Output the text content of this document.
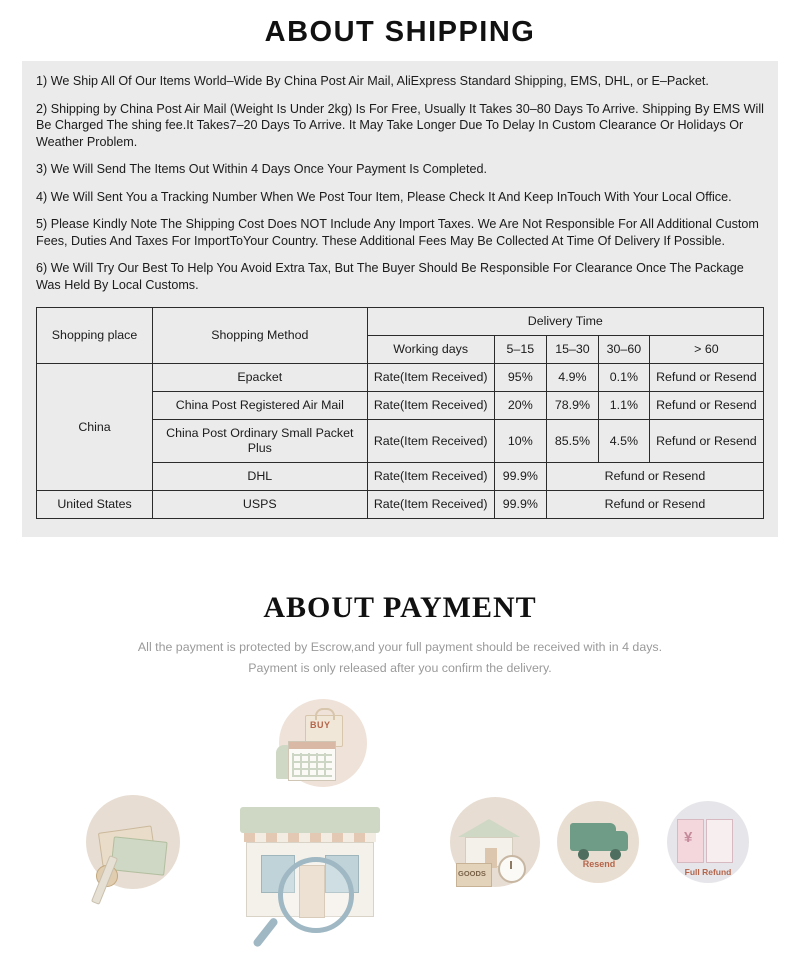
ABOUT SHIPPING

1) We Ship All Of Our Items World–Wide By China Post Air Mail, AliExpress Standard Shipping, EMS, DHL, or E–Packet.

2) Shipping by China Post Air Mail (Weight Is Under 2kg) Is For Free, Usually It Takes 30–80 Days To Arrive. Shipping By EMS Will Be Charged The shing fee.It Takes7–20 Days To Arrive. It May Take Longer Due To Delay In Custom Clearance Or Holidays Or Weather Problem.

3) We Will Send The Items Out Within 4 Days Once Your Payment Is Completed.

4) We Will Sent You a Tracking Number When We Post Tour Item, Please Check It And Keep InTouch With Your Local Office.

5) Please Kindly Note The Shipping Cost Does NOT Include Any Import Taxes. We Are Not Responsible For All Additional Custom Fees, Duties And Taxes For ImportToYour Country. These Additional Fees May Be Collected At Time Of Delivery If Possible.

6) We Will Try Our Best To Help You Avoid Extra Tax, But The Buyer Should Be Responsible For Clearance Once The Package Was Held By Local Customs.

Shopping place	Shopping Method	Delivery Time				
		Working days	5–15	15–30	30–60	> 60
China	Epacket	Rate(Item Received)	95%	4.9%	0.1%	Refund or Resend
	China Post Registered Air Mail	Rate(Item Received)	20%	78.9%	1.1%	Refund or Resend
	China Post Ordinary Small Packet Plus	Rate(Item Received)	10%	85.5%	4.5%	Refund or Resend
	DHL	Rate(Item Received)	99.9%	Refund or Resend		
United States	USPS	Rate(Item Received)	99.9%	Refund or Resend		
ABOUT PAYMENT
All the payment is protected by Escrow,and your full payment should be received with in 4 days.
Payment is only released after you confirm the delivery.
BUY
GOODS
Resend
¥
Full Refund
